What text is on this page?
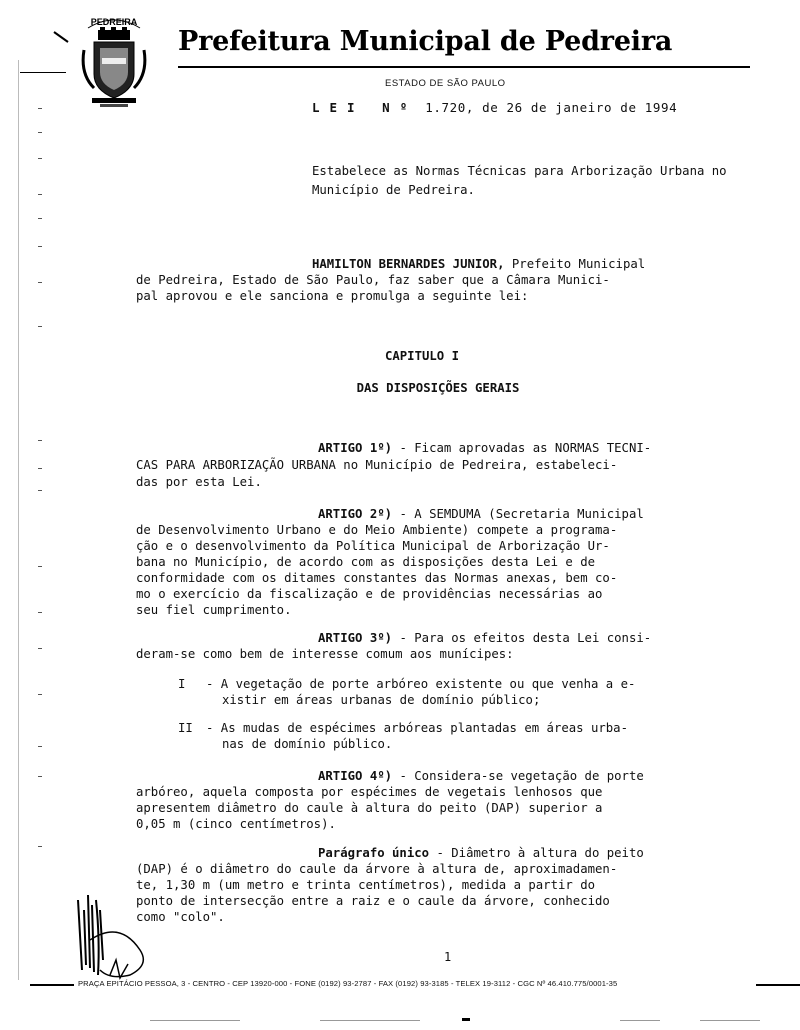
PEDREIRA
Prefeitura Municipal de Pedreira
ESTADO DE SÃO PAULO
LEI Nº 1.720, de 26 de janeiro de 1994
Estabelece as Normas Técnicas para Arborização Urbana no Município de Pedreira.
HAMILTON BERNARDES JUNIOR, Prefeito Municipal
de Pedreira, Estado de São Paulo, faz saber que a Câmara Munici-
pal aprovou e ele sanciona e promulga a seguinte lei:
CAPITULO I
DAS DISPOSIÇÕES GERAIS
ARTIGO 1º) - Ficam aprovadas as NORMAS TECNI-
CAS PARA ARBORIZAÇÃO URBANA no Município de Pedreira, estabeleci-
das por esta Lei.
ARTIGO 2º) - A SEMDUMA (Secretaria Municipal
de Desenvolvimento Urbano e do Meio Ambiente) compete a programa-
ção e o desenvolvimento da Política Municipal de Arborização Ur-
bana no Município, de acordo com as disposições desta Lei e de
conformidade com os ditames constantes das Normas anexas, bem co-
mo o exercício da fiscalização e de providências necessárias ao
seu fiel cumprimento.
ARTIGO 3º) - Para os efeitos desta Lei consi-
deram-se como bem de interesse comum aos munícipes:
I - A vegetação de porte arbóreo existente ou que venha a e-
xistir em áreas urbanas de domínio público;
II - As mudas de espécimes arbóreas plantadas em áreas urba-
nas de domínio público.
ARTIGO 4º) - Considera-se vegetação de porte
arbóreo, aquela composta por espécimes de vegetais lenhosos que
apresentem diâmetro do caule à altura do peito (DAP) superior a
0,05 m (cinco centímetros).
Parágrafo único - Diâmetro à altura do peito
(DAP) é o diâmetro do caule da árvore à altura de, aproximadamen-
te, 1,30 m (um metro e trinta centímetros), medida a partir do
ponto de intersecção entre a raiz e o caule da árvore, conhecido
como "colo".
1
PRAÇA EPITÁCIO PESSOA, 3 - CENTRO - CEP 13920-000 - FONE (0192) 93-2787 - FAX (0192) 93-3185 - TELEX 19-3112 - CGC Nº 46.410.775/0001-35
